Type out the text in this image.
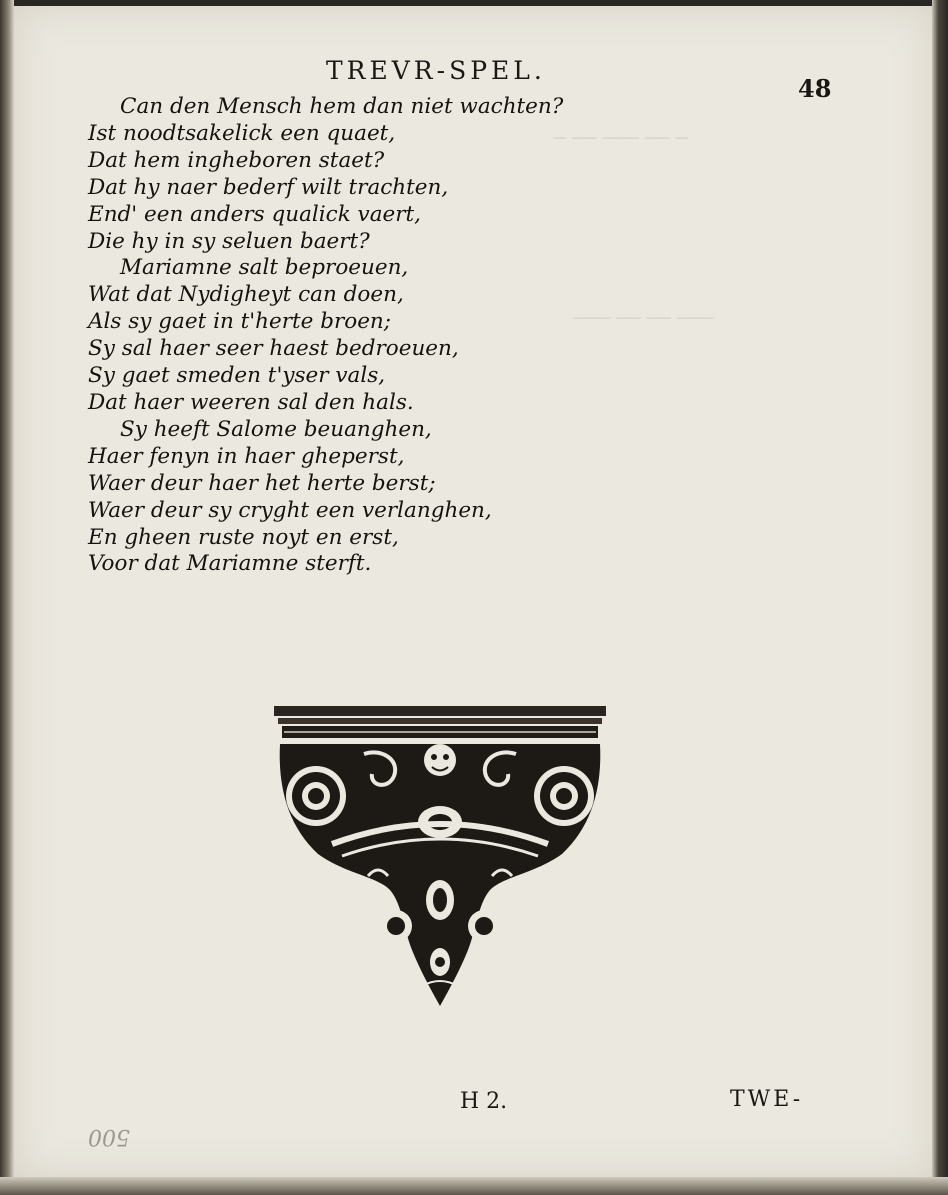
─ ── ─── ── ─
─── ── ── ───
TREVR-SPEL.
48
Can den Mensch hem dan niet wachten?
Ist noodtsakelick een quaet,
Dat hem ingheboren staet?
Dat hy naer bederf wilt trachten,
End' een anders qualick vaert,
Die hy in sy seluen baert?
Mariamne salt beproeuen,
Wat dat Nydigheyt can doen,
Als sy gaet in t'herte broen;
Sy sal haer seer haest bedroeuen,
Sy gaet smeden t'yser vals,
Dat haer weeren sal den hals.
Sy heeft Salome beuanghen,
Haer fenyn in haer gheperst,
Waer deur haer het herte berst;
Waer deur sy cryght een verlanghen,
En gheen ruste noyt en erst,
Voor dat Mariamne sterft.
H 2.	TWE-
500
